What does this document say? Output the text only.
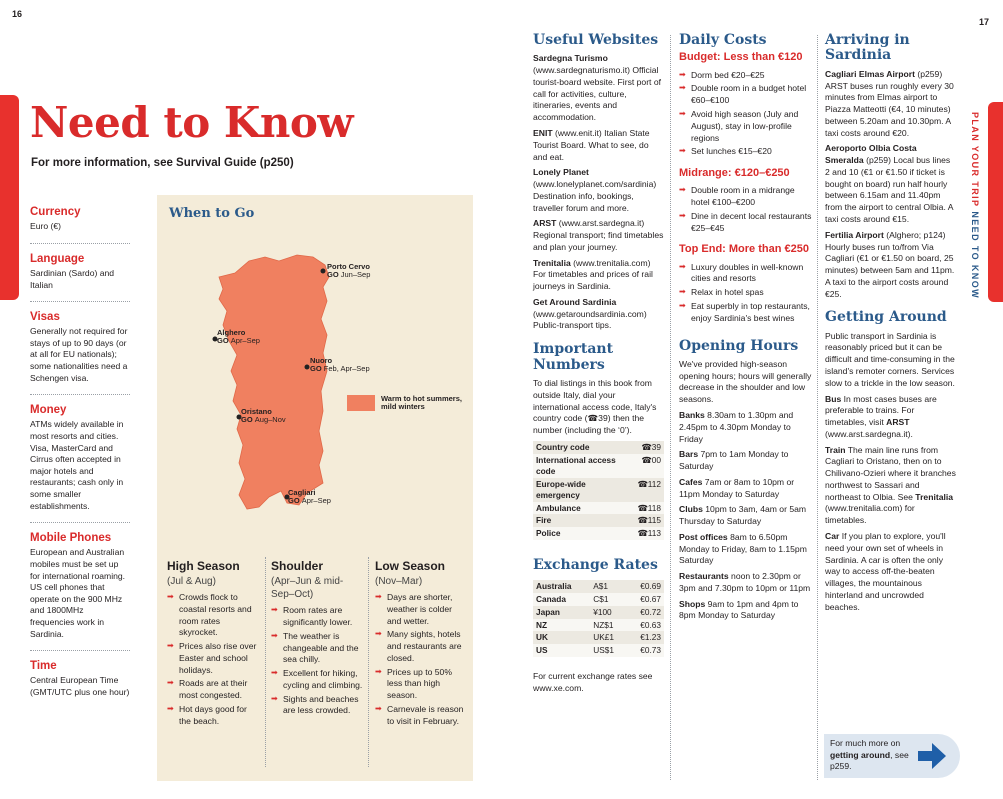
16
17
PLAN YOUR TRIP NEED TO KNOW
Need to Know
For more information, see Survival Guide (p250)
Currency
Euro (€)
Language
Sardinian (Sardo) and Italian
Visas
Generally not required for stays of up to 90 days (or at all for EU nationals); some nationalities need a Schengen visa.
Money
ATMs widely available in most resorts and cities. Visa, MasterCard and Cirrus often accepted in major hotels and restaurants; cash only in some smaller establishments.
Mobile Phones
European and Australian mobiles must be set up for international roaming. US cell phones that operate on the 900 MHz and 1800MHz frequencies work in Sardinia.
Time
Central European Time (GMT/UTC plus one hour)
When to Go
Porto Cervo
GO Jun–Sep
Alghero
GO Apr–Sep
Nuoro
GO Feb, Apr–Sep
Oristano
GO Aug–Nov
Cagliari
GO Apr–Sep
Warm to hot summers, mild winters
High Season
(Jul & Aug)
➡ Crowds flock to coastal resorts and room rates skyrocket.
➡ Prices also rise over Easter and school holidays.
➡ Roads are at their most congested.
➡ Hot days good for the beach.
Shoulder
(Apr–Jun & mid-Sep–Oct)
➡ Room rates are significantly lower.
➡ The weather is changeable and the sea chilly.
➡ Excellent for hiking, cycling and climbing.
➡ Sights and beaches are less crowded.
Low Season
(Nov–Mar)
➡ Days are shorter, weather is colder and wetter.
➡ Many sights, hotels and restaurants are closed.
➡ Prices up to 50% less than high season.
➡ Carnevale is reason to visit in February.
Useful Websites
Sardegna Turismo (www.sardegnaturismo.it) Official tourist-board website. First port of call for activities, culture, itineraries, events and accommodation.
ENIT (www.enit.it) Italian State Tourist Board. What to see, do and eat.
Lonely Planet (www.lonelyplanet.com/sardinia) Destination info, bookings, traveller forum and more.
ARST (www.arst.sardegna.it) Regional transport; find timetables and plan your journey.
Trenitalia (www.trenitalia.com) For timetables and prices of rail journeys in Sardinia.
Get Around Sardinia (www.getaroundsardinia.com) Public-transport tips.
Important Numbers
To dial listings in this book from outside Italy, dial your international access code, Italy's country code (☎39) then the number (including the ‘0’).
Country code	☎39
International access code	☎00
Europe-wide emergency	☎112
Ambulance	☎118
Fire	☎115
Police	☎113
Exchange Rates
Australia	A$1	€0.69
Canada	C$1	€0.67
Japan	¥100	€0.72
NZ	NZ$1	€0.63
UK	UK£1	€1.23
US	US$1	€0.73
For current exchange rates see www.xe.com.
Daily Costs
Budget: Less than €120
➡ Dorm bed €20–€25
➡ Double room in a budget hotel €60–€100
➡ Avoid high season (July and August), stay in low-profile regions
➡ Set lunches €15–€20
Midrange: €120–€250
➡ Double room in a midrange hotel €100–€200
➡ Dine in decent local restaurants €25–€45
Top End: More than €250
➡ Luxury doubles in well-known cities and resorts
➡ Relax in hotel spas
➡ Eat superbly in top restaurants, enjoy Sardinia's best wines
Opening Hours
We've provided high-season opening hours; hours will generally decrease in the shoulder and low seasons.
Banks 8.30am to 1.30pm and 2.45pm to 4.30pm Monday to Friday
Bars 7pm to 1am Monday to Saturday
Cafes 7am or 8am to 10pm or 11pm Monday to Saturday
Clubs 10pm to 3am, 4am or 5am Thursday to Saturday
Post offices 8am to 6.50pm Monday to Friday, 8am to 1.15pm Saturday
Restaurants noon to 2.30pm or 3pm and 7.30pm to 10pm or 11pm
Shops 9am to 1pm and 4pm to 8pm Monday to Saturday
Arriving in Sardinia
Cagliari Elmas Airport (p259) ARST buses run roughly every 30 minutes from Elmas airport to Piazza Matteotti (€4, 10 minutes) between 5.20am and 10.30pm. A taxi costs around €20.
Aeroporto Olbia Costa Smeralda (p259) Local bus lines 2 and 10 (€1 or €1.50 if ticket is bought on board) run half hourly between 6.15am and 11.40pm from the airport to central Olbia. A taxi costs around €15.
Fertilia Airport (Alghero; p124) Hourly buses run to/from Via Cagliari (€1 or €1.50 on board, 25 minutes) between 5am and 11pm. A taxi to the airport costs around €25.
Getting Around
Public transport in Sardinia is reasonably priced but it can be difficult and time-consuming in the island's remoter corners. Services slow to a trickle in the low season.
Bus In most cases buses are preferable to trains. For timetables, visit ARST (www.arst.sardegna.it).
Train The main line runs from Cagliari to Oristano, then on to Chilivano-Ozieri where it branches northwest to Sassari and northeast to Olbia. See Trenitalia (www.trenitalia.com) for timetables.
Car If you plan to explore, you'll need your own set of wheels in Sardinia. A car is often the only way to access off-the-beaten villages, the mountainous hinterland and uncrowded beaches.
For much more on getting around, see p259.
